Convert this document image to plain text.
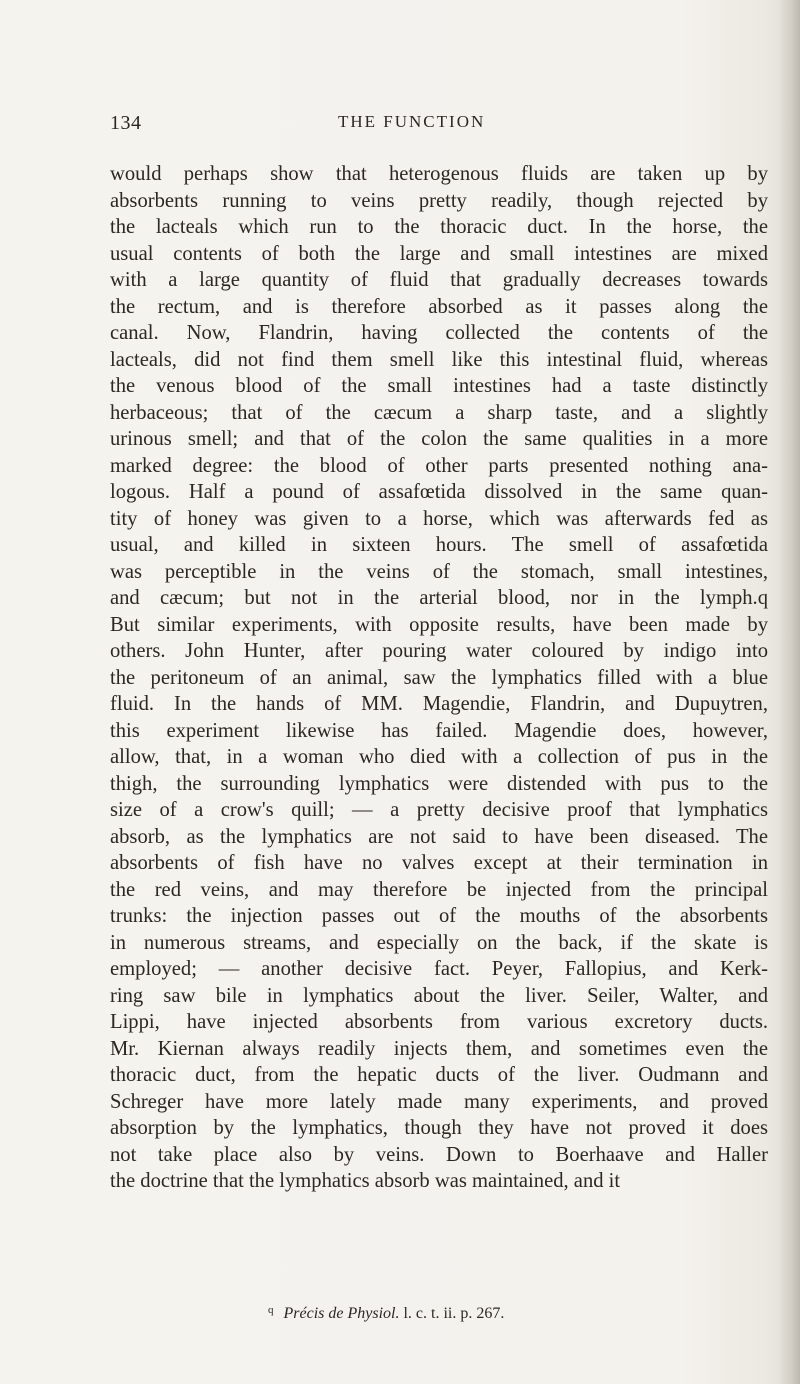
134	THE FUNCTION

would perhaps show that heterogenous fluids are taken up by
absorbents running to veins pretty readily, though rejected by
the lacteals which run to the thoracic duct. In the horse, the
usual contents of both the large and small intestines are mixed
with a large quantity of fluid that gradually decreases towards
the rectum, and is therefore absorbed as it passes along the
canal. Now, Flandrin, having collected the contents of the
lacteals, did not find them smell like this intestinal fluid, whereas
the venous blood of the small intestines had a taste distinctly
herbaceous; that of the cæcum a sharp taste, and a slightly
urinous smell; and that of the colon the same qualities in a more
marked degree: the blood of other parts presented nothing ana-
logous. Half a pound of assafœtida dissolved in the same quan-
tity of honey was given to a horse, which was afterwards fed as
usual, and killed in sixteen hours. The smell of assafœtida
was perceptible in the veins of the stomach, small intestines,
and cæcum; but not in the arterial blood, nor in the lymph.q
But similar experiments, with opposite results, have been made by
others. John Hunter, after pouring water coloured by indigo into
the peritoneum of an animal, saw the lymphatics filled with a blue
fluid. In the hands of MM. Magendie, Flandrin, and Dupuytren,
this experiment likewise has failed. Magendie does, however,
allow, that, in a woman who died with a collection of pus in the
thigh, the surrounding lymphatics were distended with pus to the
size of a crow's quill; — a pretty decisive proof that lymphatics
absorb, as the lymphatics are not said to have been diseased. The
absorbents of fish have no valves except at their termination in
the red veins, and may therefore be injected from the principal
trunks: the injection passes out of the mouths of the absorbents
in numerous streams, and especially on the back, if the skate is
employed; — another decisive fact. Peyer, Fallopius, and Kerk-
ring saw bile in lymphatics about the liver. Seiler, Walter, and
Lippi, have injected absorbents from various excretory ducts.
Mr. Kiernan always readily injects them, and sometimes even the
thoracic duct, from the hepatic ducts of the liver. Oudmann and
Schreger have more lately made many experiments, and proved
absorption by the lymphatics, though they have not proved it does
not take place also by veins. Down to Boerhaave and Haller
the doctrine that the lymphatics absorb was maintained, and it

$^q$ Précis de Physiol. l. c. t. ii. p. 267.
